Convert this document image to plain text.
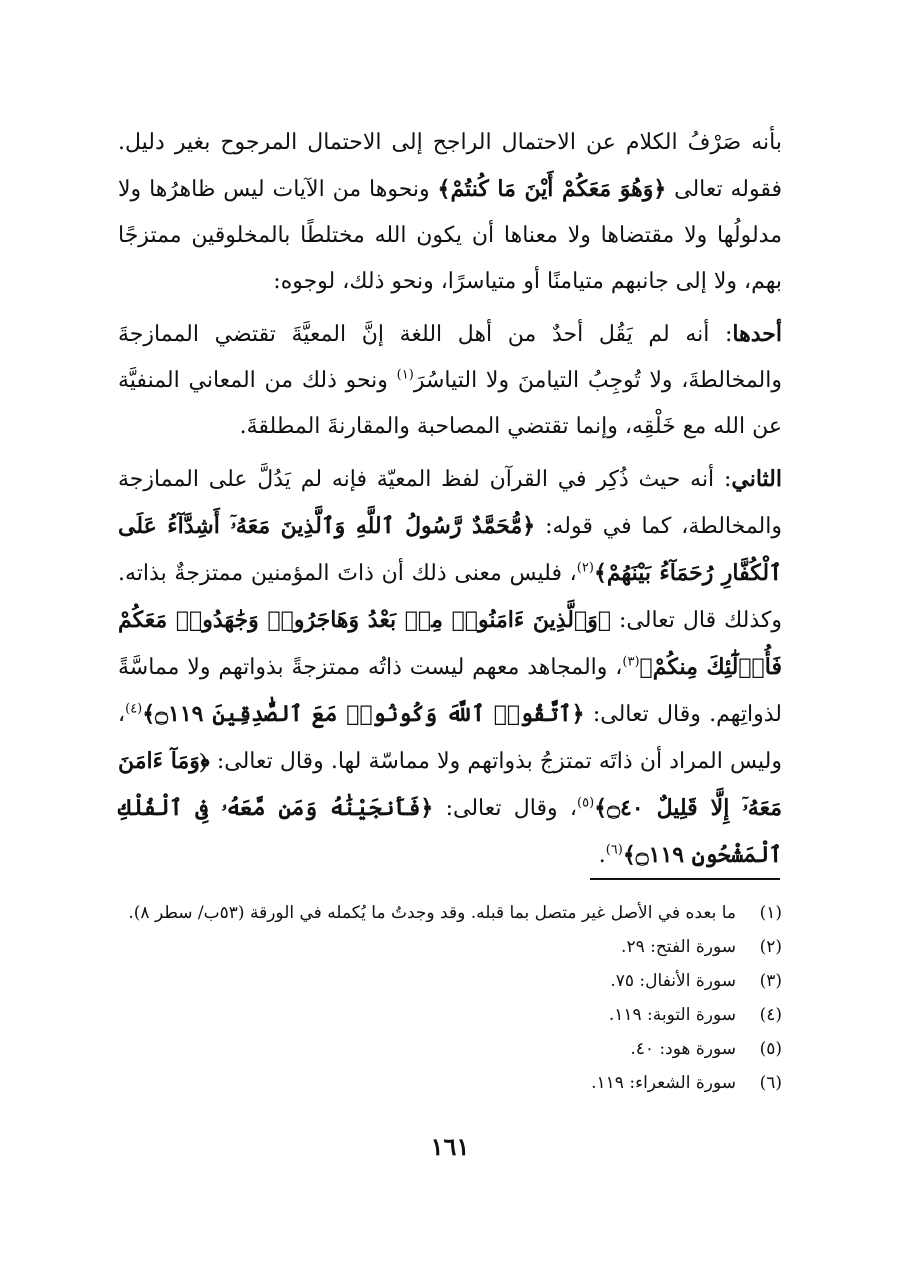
بأنه صَرْفُ الكلام عن الاحتمال الراجح إلى الاحتمال المرجوح بغير دليل. فقوله تعالى ﴿وَهُوَ مَعَكُمْ أَيْنَ مَا كُنتُمْ﴾ ونحوها من الآيات ليس ظاهرُها ولا مدلولُها ولا مقتضاها ولا معناها أن يكون الله مختلطًا بالمخلوقين ممتزجًا بهم، ولا إلى جانبهم متيامنًا أو متياسرًا، ونحو ذلك، لوجوه:

أحدها: أنه لم يَقُل أحدٌ من أهل اللغة إنَّ المعيَّةَ تقتضي الممازجةَ والمخالطةَ، ولا تُوجِبُ التيامنَ ولا التياسُرَ$^{(١)}$ ونحو ذلك من المعاني المنفيَّة عن الله مع خَلْقِه، وإنما تقتضي المصاحبة والمقارنةَ المطلقةَ.

الثاني: أنه حيث ذُكِر في القرآن لفظ المعيّة فإنه لم يَدُلَّ على الممازجة والمخالطة، كما في قوله: ﴿مُّحَمَّدٌ رَّسُولُ ٱللَّهِ وَٱلَّذِينَ مَعَهُۥٓ أَشِدَّآءُ عَلَى ٱلْكُفَّارِ رُحَمَآءُ بَيْنَهُمْ﴾$^{(٢)}$، فليس معنى ذلك أن ذاتَ المؤمنين ممتزجةٌ بذاته. وكذلك قال تعالى: ﴿وَٱلَّذِينَ ءَامَنُوا۟ مِنۢ بَعْدُ وَهَاجَرُوا۟ وَجَٰهَدُوا۟ مَعَكُمْ فَأُو۟لَٰٓئِكَ مِنكُمْ﴾$^{(٣)}$، والمجاهد معهم ليست ذاتُه ممتزجةً بذواتهم ولا مماسَّةً لذواتِهم. وقال تعالى: ﴿ٱتَّقُوا۟ ٱللَّهَ وَكُونُوا۟ مَعَ ٱلصَّٰدِقِينَ ۝١١٩﴾$^{(٤)}$، وليس المراد أن ذاتَه تمتزجُ بذواتهم ولا مماسّة لها. وقال تعالى: ﴿وَمَآ ءَامَنَ مَعَهُۥٓ إِلَّا قَلِيلٌ ۝٤٠﴾$^{(٥)}$، وقال تعالى: ﴿فَأَنجَيْنَٰهُ وَمَن مَّعَهُۥ فِى ٱلْفُلْكِ ٱلْمَشْحُونِ ۝١١٩﴾$^{(٦)}$.

(١)
ما بعده في الأصل غير متصل بما قبله. وقد وجدتُ ما يُكمله في الورقة (٥٣ب/ سطر ٨).
(٢)
سورة الفتح: ٢٩.
(٣)
سورة الأنفال: ٧٥.
(٤)
سورة التوبة: ١١٩.
(٥)
سورة هود: ٤٠.
(٦)
سورة الشعراء: ١١٩.
١٦١
